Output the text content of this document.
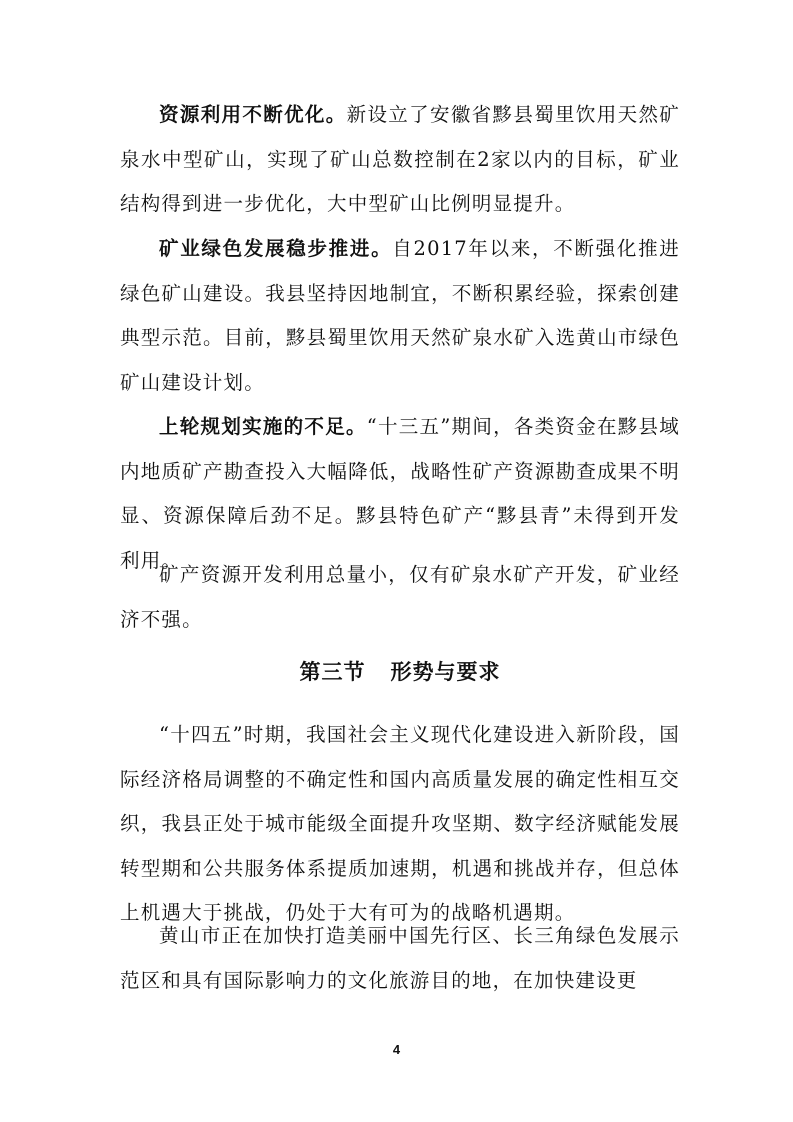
资源利用不断优化。新设立了安徽省黟县蜀里饮用天然矿泉水中型矿山，实现了矿山总数控制在2家以内的目标，矿业结构得到进一步优化，大中型矿山比例明显提升。

矿业绿色发展稳步推进。自2017年以来，不断强化推进绿色矿山建设。我县坚持因地制宜，不断积累经验，探索创建典型示范。目前，黟县蜀里饮用天然矿泉水矿入选黄山市绿色矿山建设计划。

上轮规划实施的不足。“十三五”期间，各类资金在黟县域内地质矿产勘查投入大幅降低，战略性矿产资源勘查成果不明显、资源保障后劲不足。黟县特色矿产“黟县青”未得到开发利用。

矿产资源开发利用总量小，仅有矿泉水矿产开发，矿业经济不强。

第三节   形势与要求

“十四五”时期，我国社会主义现代化建设进入新阶段，国际经济格局调整的不确定性和国内高质量发展的确定性相互交织，我县正处于城市能级全面提升攻坚期、数字经济赋能发展转型期和公共服务体系提质加速期，机遇和挑战并存，但总体上机遇大于挑战，仍处于大有可为的战略机遇期。

黄山市正在加快打造美丽中国先行区、长三角绿色发展示范区和具有国际影响力的文化旅游目的地，在加快建设更

4
